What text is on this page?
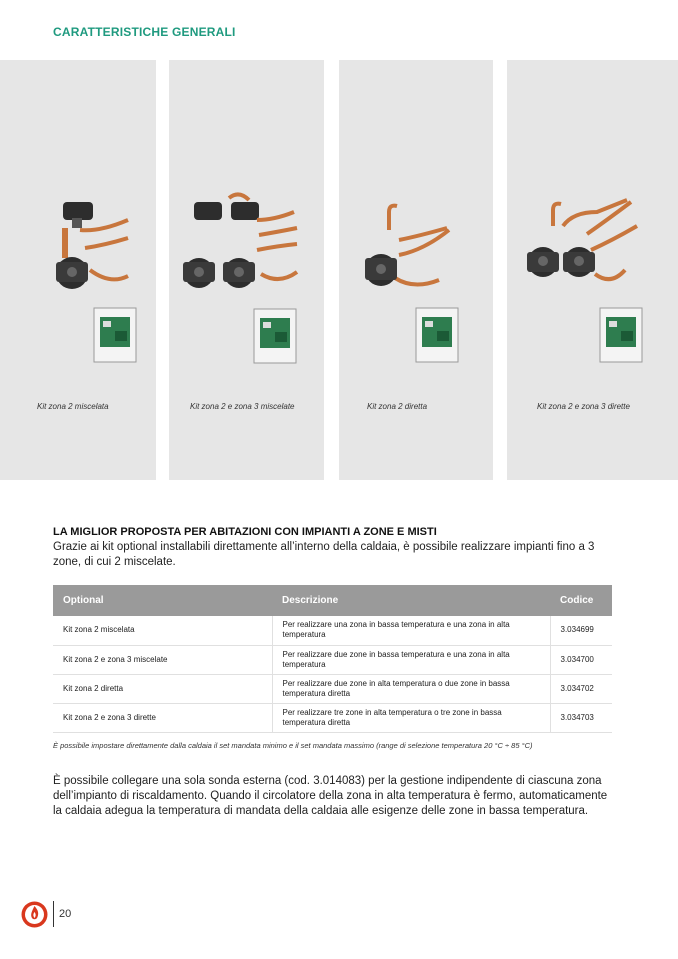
CARATTERISTICHE GENERALI
Kit zona 2 miscelata	Kit zona 2 e zona 3 miscelate	Kit zona 2 diretta	Kit zona 2 e zona 3 dirette
LA MIGLIOR PROPOSTA PER ABITAZIONI CON IMPIANTI A ZONE E MISTI
Grazie ai kit optional installabili direttamente all’interno della caldaia, è possibile realizzare impianti fino a 3 zone, di cui 2 miscelate.
Optional	Descrizione	Codice
Kit zona 2 miscelata	Per realizzare una zona in bassa temperatura e una zona in alta temperatura	3.034699
Kit zona 2 e zona 3 miscelate	Per realizzare due zone in bassa temperatura e una zona in alta temperatura	3.034700
Kit zona 2 diretta	Per realizzare due zone in alta temperatura o due zone in bassa temperatura diretta	3.034702
Kit zona 2 e zona 3 dirette	Per realizzare tre zone in alta temperatura o tre zone in bassa temperatura diretta	3.034703
È possibile impostare direttamente dalla caldaia il set mandata minimo e il set mandata massimo (range di selezione temperatura 20 °C ÷ 85 °C)
È possibile collegare una sola sonda esterna (cod. 3.014083) per la gestione indipendente di ciascuna zona dell’impianto di riscaldamento. Quando il circolatore della zona in alta temperatura è fermo, automaticamente la caldaia adegua la temperatura di mandata della caldaia alle esigenze delle zone in bassa temperatura.
20
